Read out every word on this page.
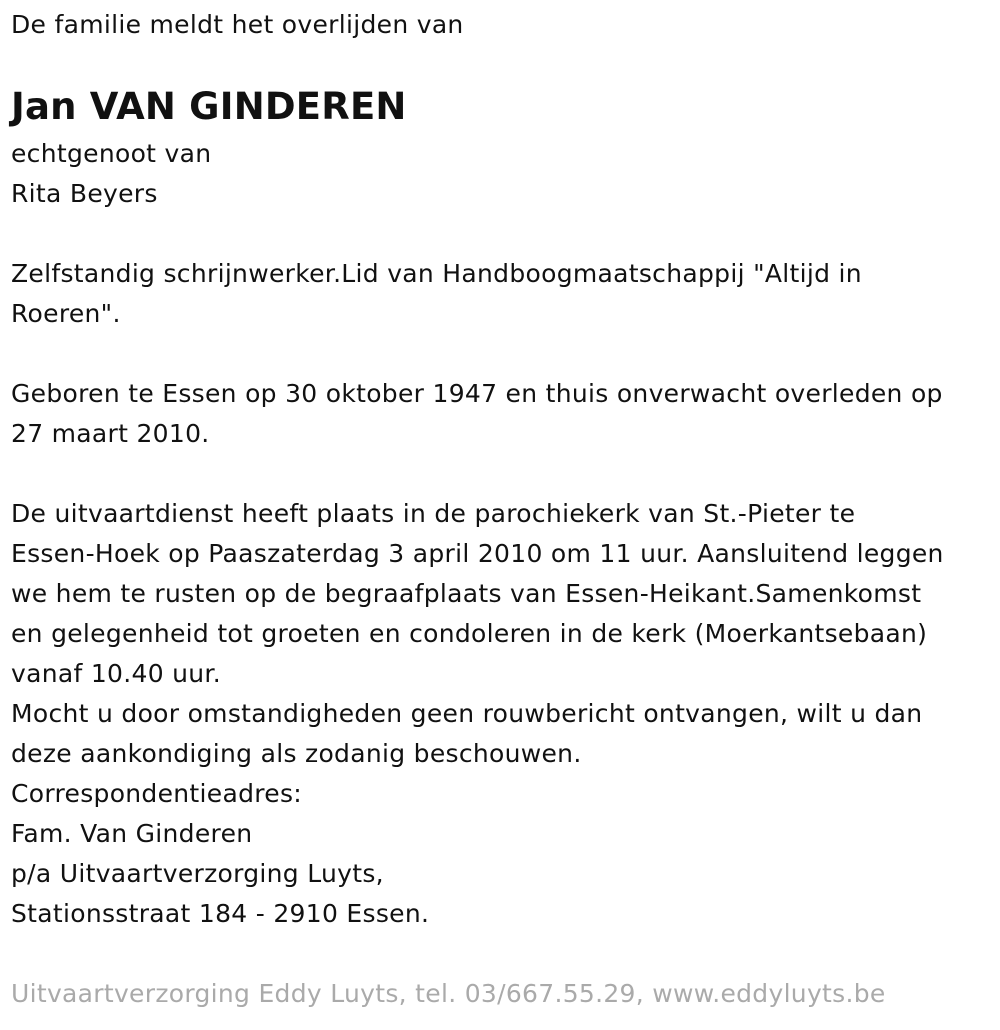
De familie meldt het overlijden van
Jan VAN GINDEREN
echtgenoot van
Rita Beyers
Zelfstandig schrijnwerker.Lid van Handboogmaatschappij "Altijd in
Roeren".
Geboren te Essen op 30 oktober 1947 en thuis onverwacht overleden op
27 maart 2010.
De uitvaartdienst heeft plaats in de parochiekerk van St.-Pieter te
Essen-Hoek op Paaszaterdag 3 april 2010 om 11 uur. Aansluitend leggen
we hem te rusten op de begraafplaats van Essen-Heikant.Samenkomst
en gelegenheid tot groeten en condoleren in de kerk (Moerkantsebaan)
vanaf 10.40 uur.
Mocht u door omstandigheden geen rouwbericht ontvangen, wilt u dan
deze aankondiging als zodanig beschouwen.
Correspondentieadres:
Fam. Van Ginderen
p/a Uitvaartverzorging Luyts,
Stationsstraat 184 - 2910 Essen.
Uitvaartverzorging Eddy Luyts, tel. 03/667.55.29, www.eddyluyts.be
